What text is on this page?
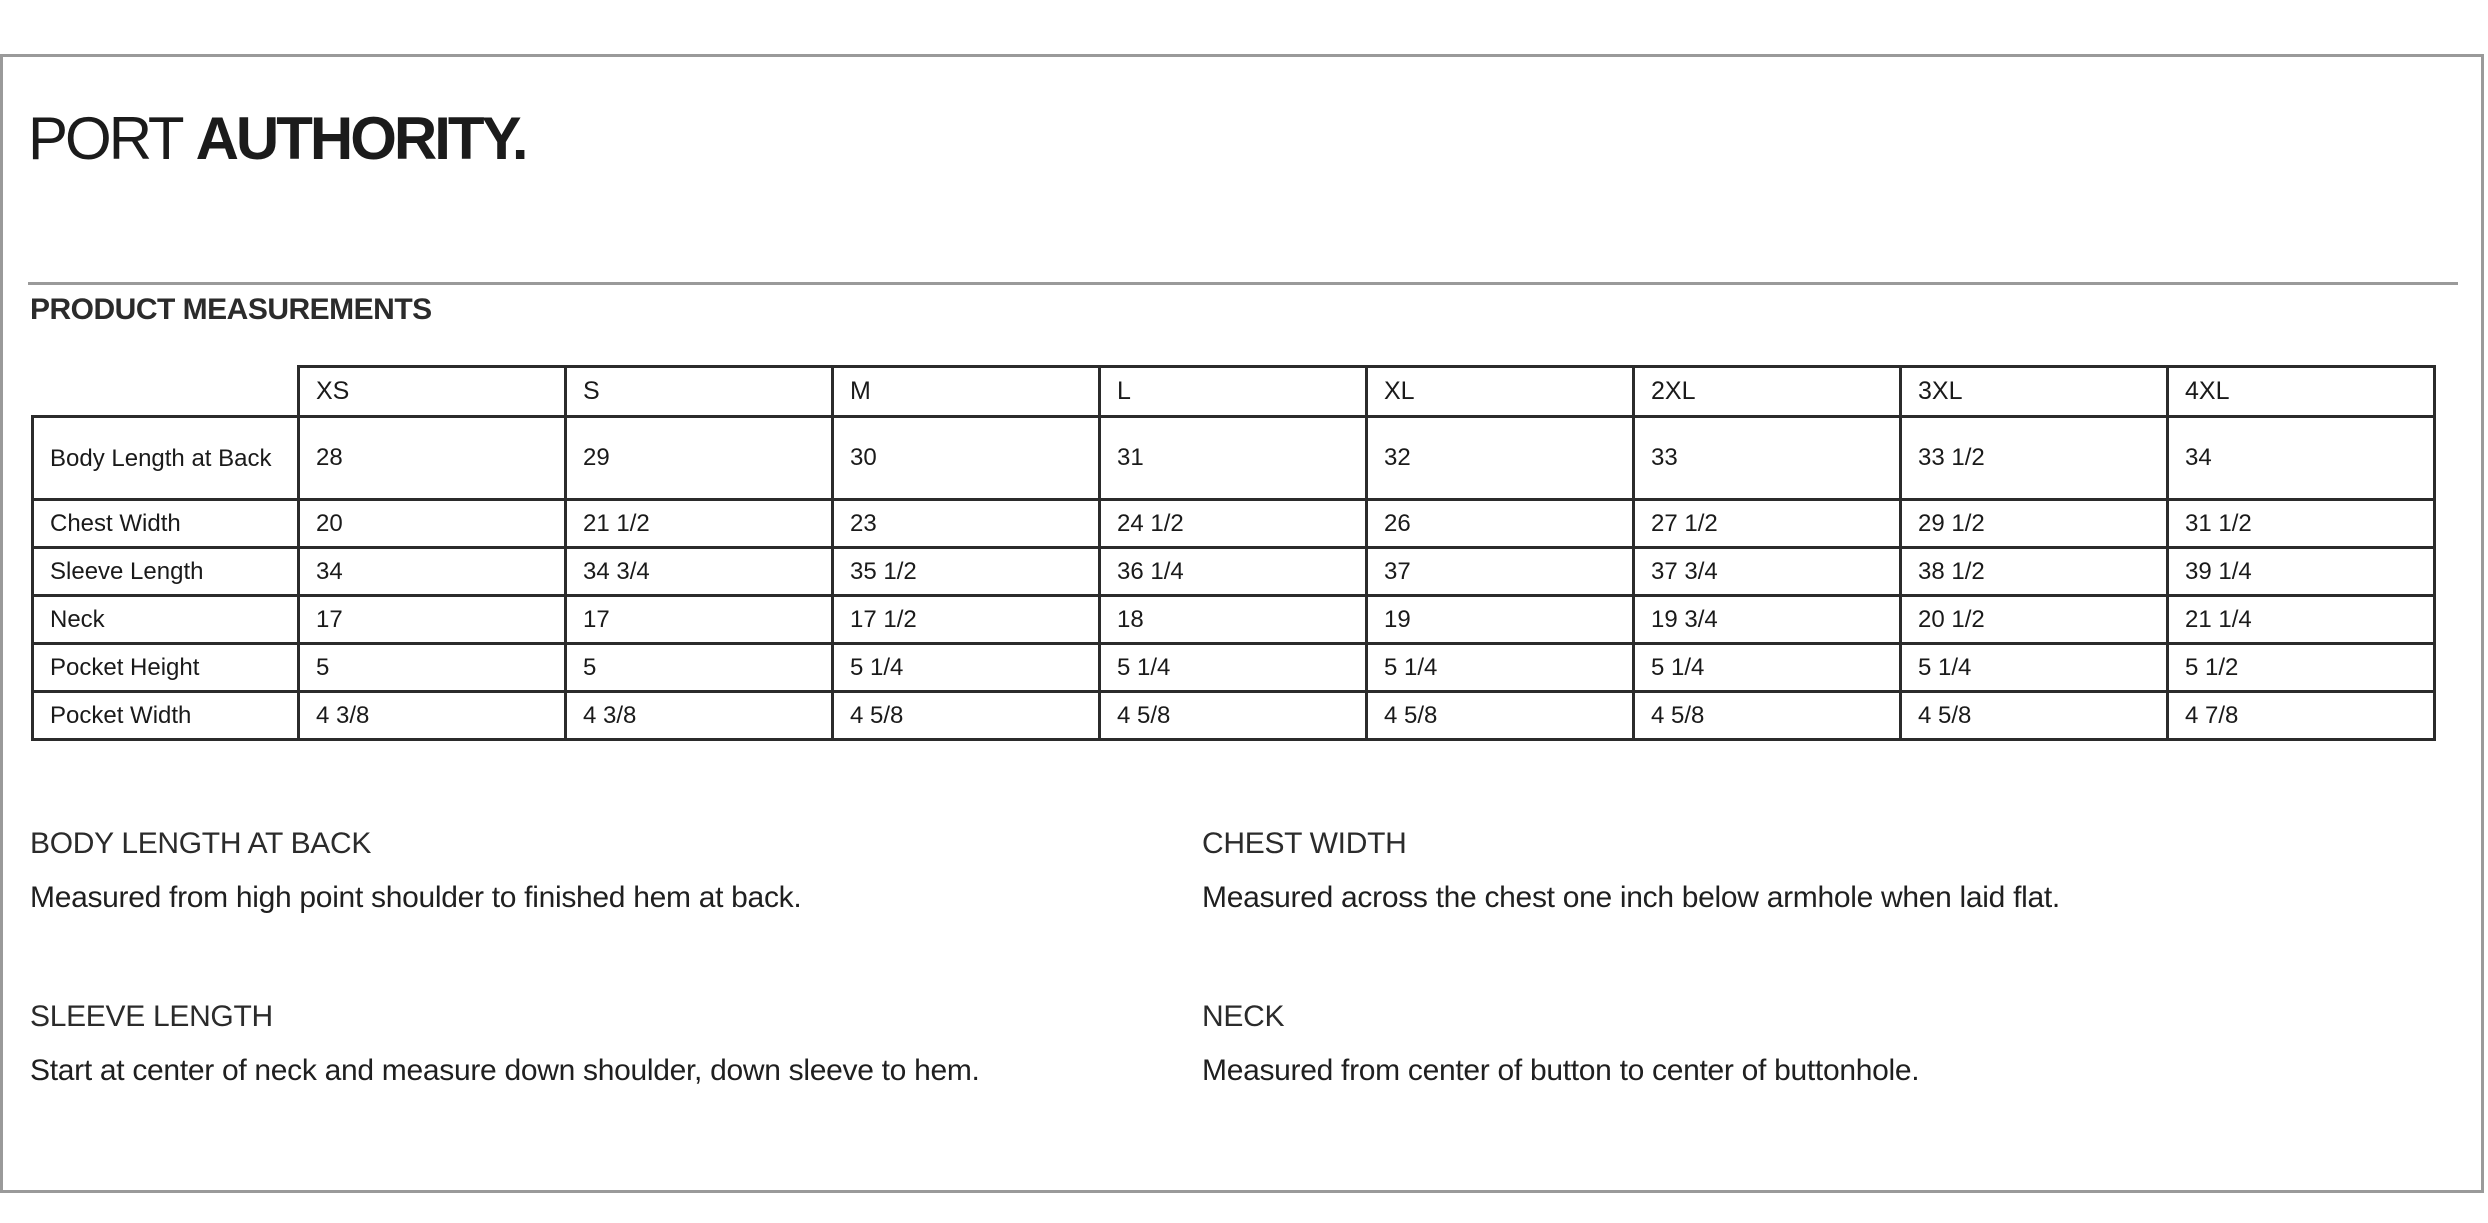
PORT AUTHORITY.
PRODUCT MEASUREMENTS
	XS	S	M	L	XL	2XL	3XL	4XL
Body Length at Back	28	29	30	31	32	33	33 1/2	34
Chest Width	20	21 1/2	23	24 1/2	26	27 1/2	29 1/2	31 1/2
Sleeve Length	34	34 3/4	35 1/2	36 1/4	37	37 3/4	38 1/2	39 1/4
Neck	17	17	17 1/2	18	19	19 3/4	20 1/2	21 1/4
Pocket Height	5	5	5 1/4	5 1/4	5 1/4	5 1/4	5 1/4	5 1/2
Pocket Width	4 3/8	4 3/8	4 5/8	4 5/8	4 5/8	4 5/8	4 5/8	4 7/8
BODY LENGTH AT BACK
Measured from high point shoulder to finished hem at back.
CHEST WIDTH
Measured across the chest one inch below armhole when laid flat.
SLEEVE LENGTH
Start at center of neck and measure down shoulder, down sleeve to hem.
NECK
Measured from center of button to center of buttonhole.
